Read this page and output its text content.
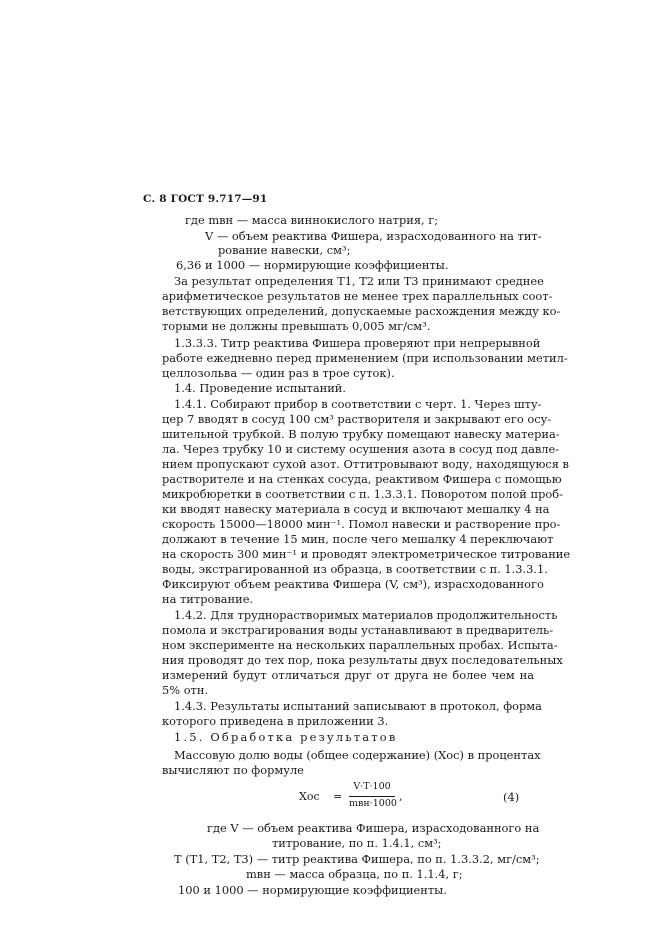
С. 8 ГОСТ 9.717—91
где mвн — масса виннокислого натрия, г;
V — объем реактива Фишера, израсходованного на тит-
рование навески, см³;
6,36 и 1000 — нормирующие коэффициенты.
За результат определения T1, T2 или T3 принимают среднее
арифметическое результатов не менее трех параллельных соот-
ветствующих определений, допускаемые расхождения между ко-
торыми не должны превышать 0,005 мг/см³.
1.3.3.3. Титр реактива Фишера проверяют при непрерывной
работе ежедневно перед применением (при использовании метил-
целлозольва — один раз в трое суток).
1.4. Проведение испытаний.
1.4.1. Собирают прибор в соответствии с черт. 1. Через шту-
цер 7 вводят в сосуд 100 см³ растворителя и закрывают его осу-
шительной трубкой. В полую трубку помещают навеску материа-
ла. Через трубку 10 и систему осушения азота в сосуд под давле-
нием пропускают сухой азот. Оттитровывают воду, находящуюся в
растворителе и на стенках сосуда, реактивом Фишера с помощью
микробюретки в соответствии с п. 1.3.3.1. Поворотом полой проб-
ки вводят навеску материала в сосуд и включают мешалку 4 на
скорость 15000—18000 мин⁻¹. Помол навески и растворение про-
должают в течение 15 мин, после чего мешалку 4 переключают
на скорость 300 мин⁻¹ и проводят электрометрическое титрование
воды, экстрагированной из образца, в соответствии с п. 1.3.3.1.
Фиксируют объем реактива Фишера (V, см³), израсходованного
на титрование.
1.4.2. Для труднорастворимых материалов продолжительность
помола и экстрагирования воды устанавливают в предваритель-
ном эксперименте на нескольких параллельных пробах. Испыта-
ния проводят до тех пор, пока результаты двух последовательных
измерений будут отличаться друг от друга не более чем на
5% отн.
1.4.3. Результаты испытаний записывают в протокол, форма
которого приведена в приложении 3.
1.5. Обработка результатов
Массовую долю воды (общее содержание) (Xос) в процентах
вычисляют по формуле
Xос =
V·T·100
mвн·1000
,	(4)
где V — объем реактива Фишера, израсходованного на
титрование, по п. 1.4.1, см³;
T (T1, T2, T3) — титр реактива Фишера, по п. 1.3.3.2, мг/см³;
mвн — масса образца, по п. 1.1.4, г;
100 и 1000 — нормирующие коэффициенты.
